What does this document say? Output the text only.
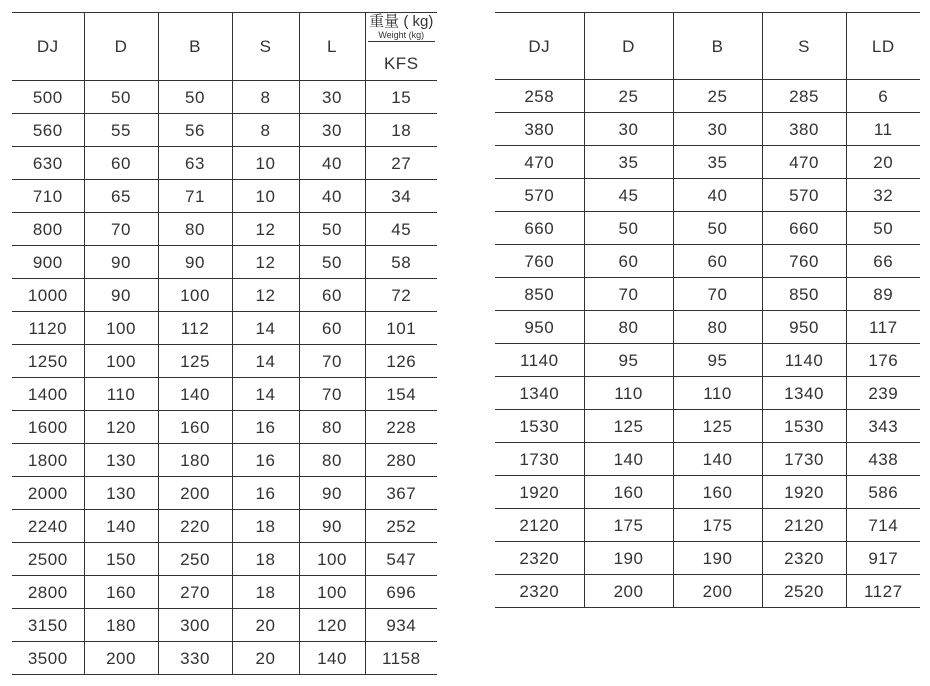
DJ	D	B	S	L	重量 ( kg)
Weight (kg)

					KFS
500	50	50	8	30	15
560	55	56	8	30	18
630	60	63	10	40	27
710	65	71	10	40	34
800	70	80	12	50	45
900	90	90	12	50	58
1000	90	100	12	60	72
1120	100	112	14	60	101
1250	100	125	14	70	126
1400	110	140	14	70	154
1600	120	160	16	80	228
1800	130	180	16	80	280
2000	130	200	16	90	367
2240	140	220	18	90	252
2500	150	250	18	100	547
2800	160	270	18	100	696
3150	180	300	20	120	934
3500	200	330	20	140	1158
DJ	D	B	S	LD
258	25	25	285	6
380	30	30	380	11
470	35	35	470	20
570	45	40	570	32
660	50	50	660	50
760	60	60	760	66
850	70	70	850	89
950	80	80	950	117
1140	95	95	1140	176
1340	110	110	1340	239
1530	125	125	1530	343
1730	140	140	1730	438
1920	160	160	1920	586
2120	175	175	2120	714
2320	190	190	2320	917
2320	200	200	2520	1127
